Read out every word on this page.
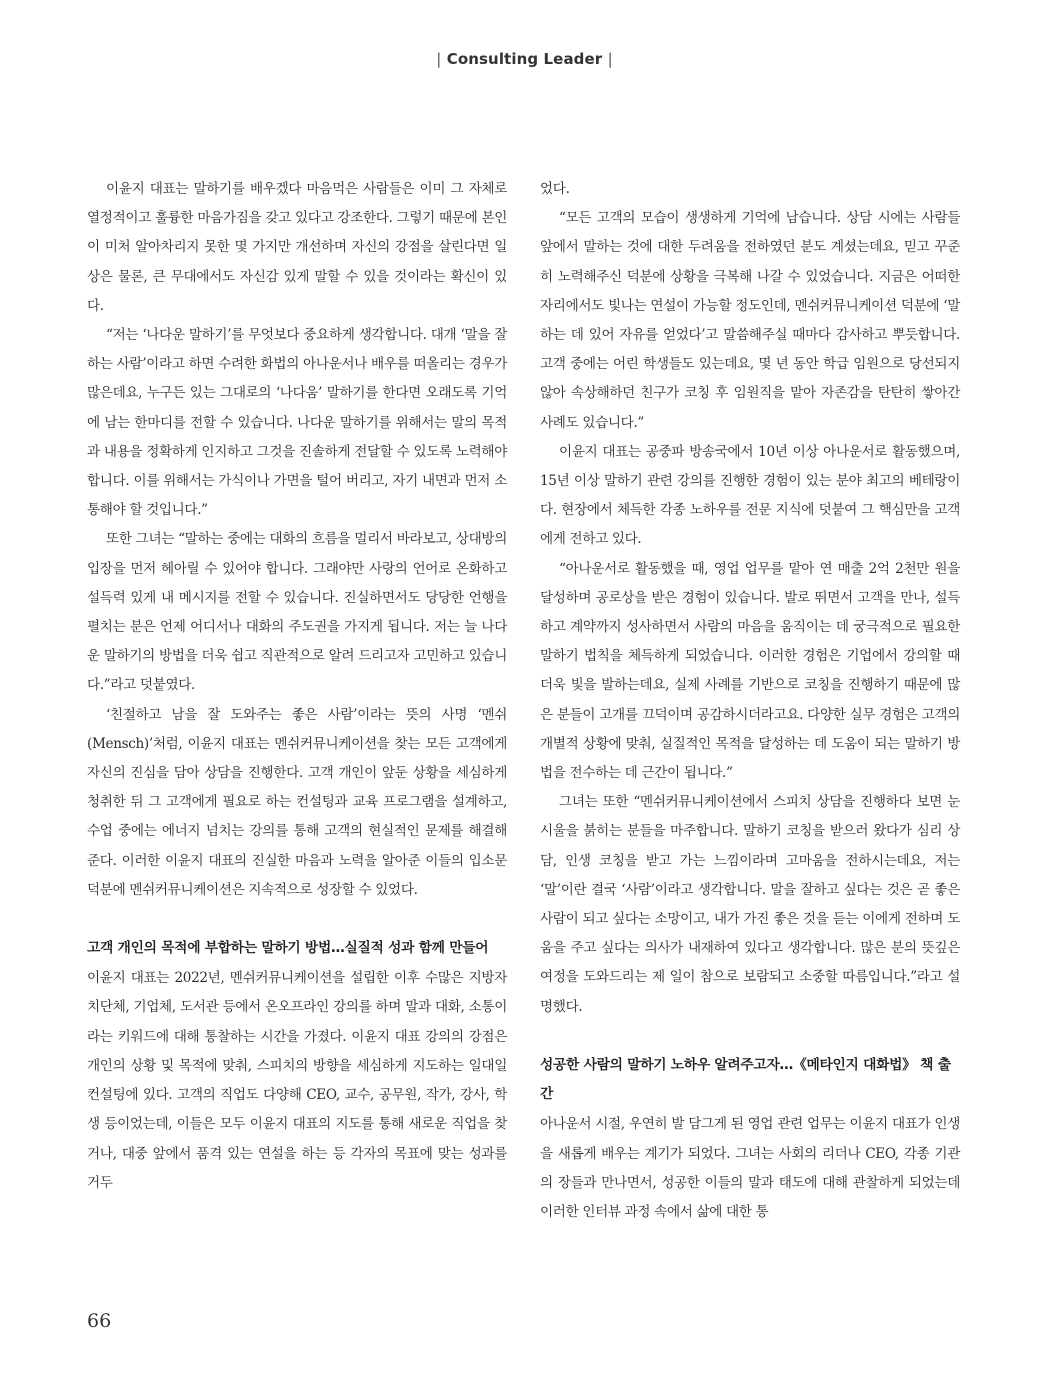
| Consulting Leader |

이윤지 대표는 말하기를 배우겠다 마음먹은 사람들은 이미 그 자체로 열정적이고 훌륭한 마음가짐을 갖고 있다고 강조한다. 그렇기 때문에 본인이 미처 알아차리지 못한 몇 가지만 개선하며 자신의 강점을 살린다면 일상은 물론, 큰 무대에서도 자신감 있게 말할 수 있을 것이라는 확신이 있다.

“저는 ‘나다운 말하기’를 무엇보다 중요하게 생각합니다. 대개 ‘말을 잘하는 사람’이라고 하면 수려한 화법의 아나운서나 배우를 떠올리는 경우가 많은데요, 누구든 있는 그대로의 ‘나다움’ 말하기를 한다면 오래도록 기억에 남는 한마디를 전할 수 있습니다. 나다운 말하기를 위해서는 말의 목적과 내용을 정확하게 인지하고 그것을 진솔하게 전달할 수 있도록 노력해야 합니다. 이를 위해서는 가식이나 가면을 털어 버리고, 자기 내면과 먼저 소통해야 할 것입니다.”

또한 그녀는 “말하는 중에는 대화의 흐름을 멀리서 바라보고, 상대방의 입장을 먼저 헤아릴 수 있어야 합니다. 그래야만 사랑의 언어로 온화하고 설득력 있게 내 메시지를 전할 수 있습니다. 진실하면서도 당당한 언행을 펼치는 분은 언제 어디서나 대화의 주도권을 가지게 됩니다. 저는 늘 나다운 말하기의 방법을 더욱 쉽고 직관적으로 알려 드리고자 고민하고 있습니다.”라고 덧붙였다.

‘친절하고 남을 잘 도와주는 좋은 사람’이라는 뜻의 사명 ‘멘쉬(Mensch)’처럼, 이윤지 대표는 멘쉬커뮤니케이션을 찾는 모든 고객에게 자신의 진심을 담아 상담을 진행한다. 고객 개인이 앞둔 상황을 세심하게 청취한 뒤 그 고객에게 필요로 하는 컨설팅과 교육 프로그램을 설계하고, 수업 중에는 에너지 넘치는 강의를 통해 고객의 현실적인 문제를 해결해 준다. 이러한 이윤지 대표의 진실한 마음과 노력을 알아준 이들의 입소문 덕분에 멘쉬커뮤니케이션은 지속적으로 성장할 수 있었다.

고객 개인의 목적에 부합하는 말하기 방법…실질적 성과 함께 만들어

이윤지 대표는 2022년, 멘쉬커뮤니케이션을 설립한 이후 수많은 지방자치단체, 기업체, 도서관 등에서 온오프라인 강의를 하며 말과 대화, 소통이라는 키워드에 대해 통찰하는 시간을 가졌다. 이윤지 대표 강의의 강점은 개인의 상황 및 목적에 맞춰, 스피치의 방향을 세심하게 지도하는 일대일 컨설팅에 있다. 고객의 직업도 다양해 CEO, 교수, 공무원, 작가, 강사, 학생 등이었는데, 이들은 모두 이윤지 대표의 지도를 통해 새로운 직업을 찾거나, 대중 앞에서 품격 있는 연설을 하는 등 각자의 목표에 맞는 성과를 거두

었다.

“모든 고객의 모습이 생생하게 기억에 남습니다. 상담 시에는 사람들 앞에서 말하는 것에 대한 두려움을 전하였던 분도 계셨는데요, 믿고 꾸준히 노력해주신 덕분에 상황을 극복해 나갈 수 있었습니다. 지금은 어떠한 자리에서도 빛나는 연설이 가능할 정도인데, 멘쉬커뮤니케이션 덕분에 ‘말하는 데 있어 자유를 얻었다’고 말씀해주실 때마다 감사하고 뿌듯합니다. 고객 중에는 어린 학생들도 있는데요, 몇 년 동안 학급 임원으로 당선되지 않아 속상해하던 친구가 코칭 후 임원직을 맡아 자존감을 탄탄히 쌓아간 사례도 있습니다.”

이윤지 대표는 공중파 방송국에서 10년 이상 아나운서로 활동했으며, 15년 이상 말하기 관련 강의를 진행한 경험이 있는 분야 최고의 베테랑이다. 현장에서 체득한 각종 노하우를 전문 지식에 덧붙여 그 핵심만을 고객에게 전하고 있다.

“아나운서로 활동했을 때, 영업 업무를 맡아 연 매출 2억 2천만 원을 달성하며 공로상을 받은 경험이 있습니다. 발로 뛰면서 고객을 만나, 설득하고 계약까지 성사하면서 사람의 마음을 움직이는 데 궁극적으로 필요한 말하기 법칙을 체득하게 되었습니다. 이러한 경험은 기업에서 강의할 때 더욱 빛을 발하는데요, 실제 사례를 기반으로 코칭을 진행하기 때문에 많은 분들이 고개를 끄덕이며 공감하시더라고요. 다양한 실무 경험은 고객의 개별적 상황에 맞춰, 실질적인 목적을 달성하는 데 도움이 되는 말하기 방법을 전수하는 데 근간이 됩니다.”

그녀는 또한 “멘쉬커뮤니케이션에서 스피치 상담을 진행하다 보면 눈시울을 붉히는 분들을 마주합니다. 말하기 코칭을 받으러 왔다가 심리 상담, 인생 코칭을 받고 가는 느낌이라며 고마움을 전하시는데요, 저는 ‘말’이란 결국 ‘사람’이라고 생각합니다. 말을 잘하고 싶다는 것은 곧 좋은 사람이 되고 싶다는 소망이고, 내가 가진 좋은 것을 듣는 이에게 전하며 도움을 주고 싶다는 의사가 내재하여 있다고 생각합니다. 많은 분의 뜻깊은 여정을 도와드리는 제 일이 참으로 보람되고 소중할 따름입니다.”라고 설명했다.

성공한 사람의 말하기 노하우 알려주고자…《메타인지 대화법》 책 출간

아나운서 시절, 우연히 발 담그게 된 영업 관련 업무는 이윤지 대표가 인생을 새롭게 배우는 계기가 되었다. 그녀는 사회의 리더나 CEO, 각종 기관의 장들과 만나면서, 성공한 이들의 말과 태도에 대해 관찰하게 되었는데 이러한 인터뷰 과정 속에서 삶에 대한 통

66
